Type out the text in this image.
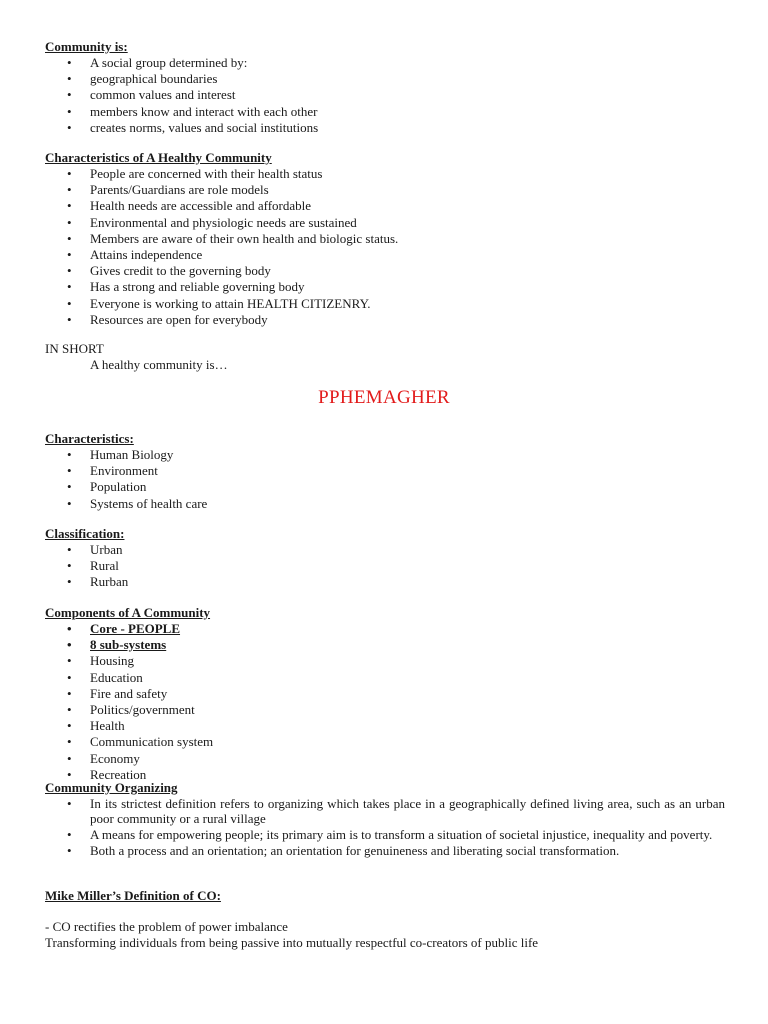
Community is:

• A social group determined by:
• geographical boundaries
• common values and interest
• members know and interact with each other
• creates norms, values and social institutions

Characteristics of A Healthy Community

• People are concerned with their health status
• Parents/Guardians are role models
• Health needs are accessible and affordable
• Environmental and physiologic needs are sustained
• Members are aware of their own health and biologic status.
• Attains independence
• Gives credit to the governing body
• Has a strong and reliable governing body
• Everyone is working to attain HEALTH CITIZENRY.
• Resources are open for everybody

IN SHORT

A healthy community is…

PPHEMAGHER

Characteristics:

• Human Biology
• Environment
• Population
• Systems of health care

Classification:

• Urban
• Rural
• Rurban

Components of A Community

• Core - PEOPLE
• 8 sub-systems
• Housing
• Education
• Fire and safety
• Politics/government
• Health
• Communication system
• Economy
• Recreation

Community Organizing

• In its strictest definition refers to organizing which takes place in a geographically defined living area, such as an urban poor community or a rural village
• A means for empowering people; its primary aim is to transform a situation of societal injustice, inequality and poverty.
• Both a process and an orientation; an orientation for genuineness and liberating social transformation.

Mike Miller’s Definition of CO:

- CO rectifies the problem of power imbalance

Transforming individuals from being passive into mutually respectful co-creators of public life
